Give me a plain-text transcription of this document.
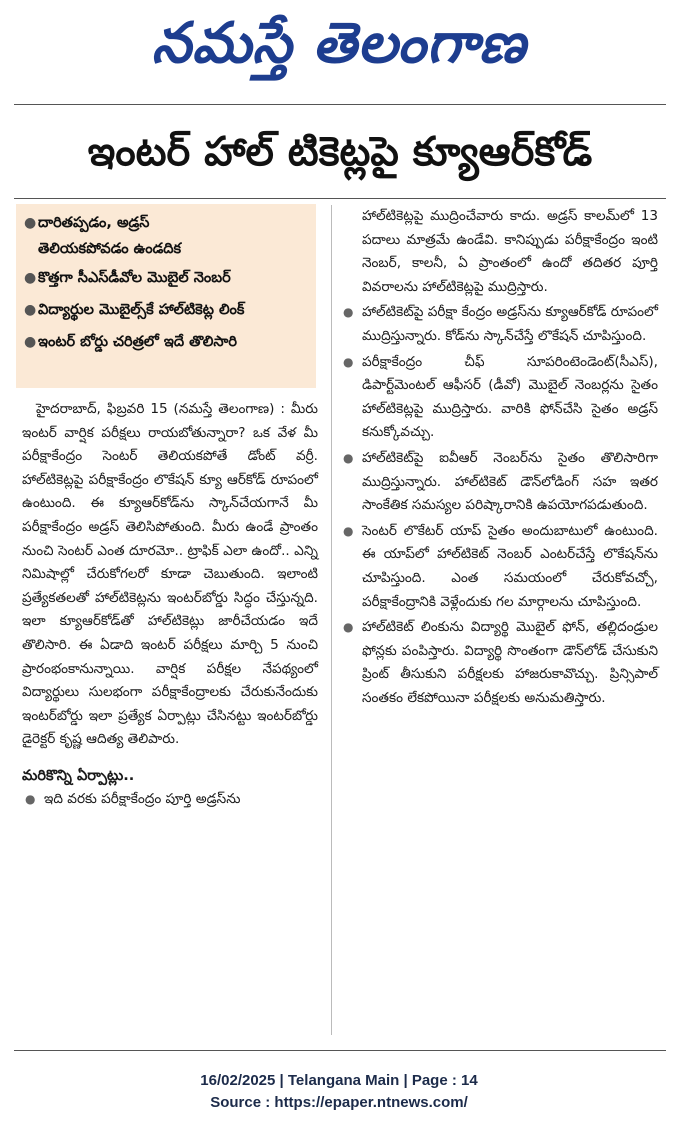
నమస్తే తెలంగాణ
ఇంటర్ హాల్ టికెట్లపై క్యూఆర్‌కోడ్
● దారితప్పడం, అడ్రస్
తెలియకపోవడం ఉండదిక
● కొత్తగా సీఎస్‌డీవోల మొబైల్ నెంబర్
● విద్యార్థుల మొబైల్స్‌కే హాల్‌టికెట్ల లింక్
● ఇంటర్ బోర్డు చరిత్రలో ఇదే తొలిసారి
హైదరాబాద్, ఫిబ్రవరి 15 (నమస్తే తెలంగాణ) : మీరు ఇంటర్ వార్షిక పరీక్షలు రాయబోతున్నారా? ఒక వేళ మీ పరీక్షాకేంద్రం సెంటర్ తెలియకపోతే డోంట్ వర్రీ. హాల్‌టికెట్లపై పరీక్షాకేంద్రం లొకేషన్ క్యూ ఆర్‌కోడ్ రూపంలో ఉంటుంది. ఈ క్యూఆర్‌కోడ్‌ను స్కాన్‌చేయగానే మీ పరీక్షాకేంద్రం అడ్రస్ తెలిసిపోతుంది. మీరు ఉండే ప్రాంతం నుంచి సెంటర్ ఎంత దూరమో.. ట్రాఫిక్ ఎలా ఉందో.. ఎన్ని నిమిషాల్లో చేరుకోగలరో కూడా చెబుతుంది. ఇలాంటి ప్రత్యేకతలతో హాల్‌టికెట్లను ఇంటర్‌బోర్డు సిద్ధం చేస్తున్నది. ఇలా క్యూఆర్‌కోడ్‌తో హాల్‌టికెట్లు జారీచేయడం ఇదే తొలిసారి. ఈ ఏడాది ఇంటర్ పరీక్షలు మార్చి 5 నుంచి ప్రారంభంకానున్నాయి. వార్షిక పరీక్షల నేపథ్యంలో విద్యార్థులు సులభంగా పరీక్షాకేంద్రాలకు చేరుకునేందుకు ఇంటర్‌బోర్డు ఇలా ప్రత్యేక ఏర్పాట్లు చేసినట్టు ఇంటర్‌బోర్డు డైరెక్టర్ కృష్ణ ఆదిత్య తెలిపారు.
మరికొన్ని ఏర్పాట్లు..
● ఇది వరకు పరీక్షాకేంద్రం పూర్తి అడ్రస్‌ను
హాల్‌టికెట్లపై ముద్రించేవారు కాదు. అడ్రస్ కాలమ్‌లో 13 పదాలు మాత్రమే ఉండేవి. కానిప్పుడు పరీక్షాకేంద్రం ఇంటి నెంబర్, కాలనీ, ఏ ప్రాంతంలో ఉందో తదితర పూర్తి వివరాలను హాల్‌టికెట్లపై ముద్రిస్తారు.
● హాల్‌టికెట్‌పై పరీక్షా కేంద్రం అడ్రస్‌ను క్యూఆర్‌కోడ్ రూపంలో ముద్రిస్తున్నారు. కోడ్‌ను స్కాన్‌చేస్తే లొకేషన్ చూపిస్తుంది.
● పరీక్షాకేంద్రం చీఫ్ సూపరింటెండెంట్(సీఎస్), డిపార్ట్‌మెంటల్ ఆఫీసర్ (డీవో) మొబైల్ నెంబర్లను సైతం హాల్‌టికెట్లపై ముద్రిస్తారు. వారికి ఫోన్‌చేసి సైతం అడ్రస్ కనుక్కోవచ్చు.
● హాల్‌టికెట్‌పై ఐవీఆర్ నెంబర్‌ను సైతం తొలిసారిగా ముద్రిస్తున్నారు. హాల్‌టికెట్ డౌన్‌లోడింగ్ సహ ఇతర సాంకేతిక సమస్యల పరిష్కారానికి ఉపయోగపడుతుంది.
● సెంటర్ లొకేటర్ యాప్ సైతం అందుబాటులో ఉంటుంది. ఈ యాప్‌లో హాల్‌టికెట్ నెంబర్ ఎంటర్‌చేస్తే లొకేషన్‌ను చూపిస్తుంది. ఎంత సమయంలో చేరుకోవచ్చో, పరీక్షాకేంద్రానికి వెళ్లేందుకు గల మార్గాలను చూపిస్తుంది.
● హాల్‌టికెట్ లింకును విద్యార్థి మొబైల్ ఫోన్, తల్లిదండ్రుల ఫోన్లకు పంపిస్తారు. విద్యార్థి సొంతంగా డౌన్‌లోడ్ చేసుకుని ప్రింట్ తీసుకుని పరీక్షలకు హాజరుకావొచ్చు. ప్రిన్సిపాల్ సంతకం లేకపోయినా పరీక్షలకు అనుమతిస్తారు.
16/02/2025 | Telangana Main | Page : 14
Source : https://epaper.ntnews.com/
